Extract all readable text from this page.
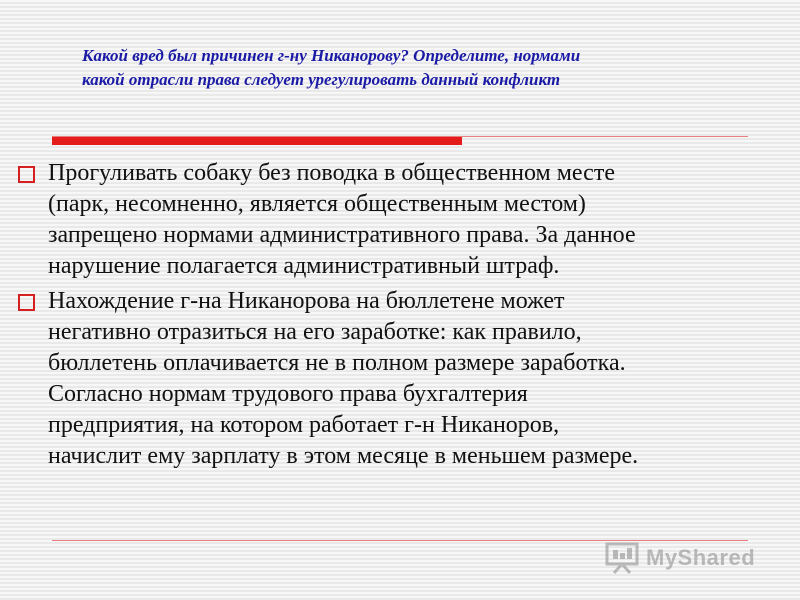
Какой вред был причинен г-ну Никанорову? Определите, нормами
какой отрасли права следует урегулировать данный конфликт
Прогуливать собаку без поводка в общественном месте
(парк, несомненно, является общественным местом)
запрещено нормами административного права. За данное
нарушение полагается административный штраф.
Нахождение г-на Никанорова на бюллетене может
негативно отразиться на его заработке: как правило,
бюллетень оплачивается не в полном размере заработка.
Согласно нормам трудового права бухгалтерия
предприятия, на котором работает г-н Никаноров,
начислит ему зарплату в этом месяце в меньшем размере.
MyShared
